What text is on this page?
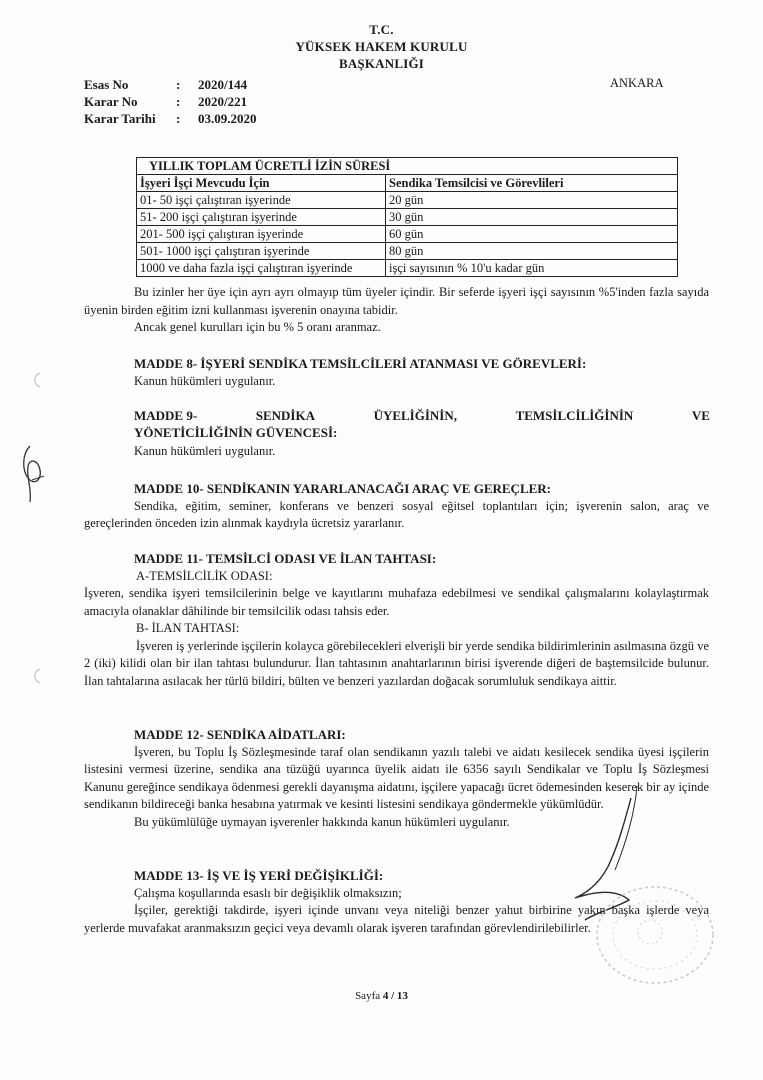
T.C.
YÜKSEK HAKEM KURULU
BAŞKANLIĞI
Esas No	:	2020/144
Karar No	:	2020/221
Karar Tarihi	:	03.09.2020
ANKARA
YILLIK TOPLAM ÜCRETLİ İZİN SÜRESİ	
İşyeri İşçi Mevcudu İçin	Sendika Temsilcisi ve Görevlileri
01- 50 işçi çalıştıran işyerinde	20 gün
51- 200 işçi çalıştıran işyerinde	30 gün
201- 500 işçi çalıştıran işyerinde	60 gün
501- 1000 işçi çalıştıran işyerinde	80 gün
1000 ve daha fazla işçi çalıştıran işyerinde	işçi sayısının % 10'u kadar gün

Bu izinler her üye için ayrı ayrı olmayıp tüm üyeler içindir. Bir seferde işyeri işçi sayısının %5'inden fazla sayıda üyenin birden eğitim izni kullanması işverenin onayına tabidir.

Ancak genel kurulları için bu % 5 oranı aranmaz.

MADDE 8- İŞYERİ SENDİKA TEMSİLCİLERİ ATANMASI VE GÖREVLERİ:

Kanun hükümleri uygulanır.

MADDE 9-	SENDİKA	ÜYELİĞİNİN,	TEMSİLCİLİĞİNİN	VE
YÖNETİCİLİĞİNİN GÜVENCESİ:

Kanun hükümleri uygulanır.

MADDE 10- SENDİKANIN YARARLANACAĞI ARAÇ VE GEREÇLER:

Sendika, eğitim, seminer, konferans ve benzeri sosyal eğitsel toplantıları için; işverenin salon, araç ve gereçlerinden önceden izin alınmak kaydıyla ücretsiz yararlanır.

MADDE 11- TEMSİLCİ ODASI VE İLAN TAHTASI:

A-TEMSİLCİLİK ODASI:

İşveren, sendika işyeri temsilcilerinin belge ve kayıtlarını muhafaza edebilmesi ve sendikal çalışmalarını kolaylaştırmak amacıyla olanaklar dâhilinde bir temsilcilik odası tahsis eder.

B- İLAN TAHTASI:

İşveren iş yerlerinde işçilerin kolayca görebilecekleri elverişli bir yerde sendika bildirimlerinin asılmasına özgü ve 2 (iki) kilidi olan bir ilan tahtası bulundurur. İlan tahtasının anahtarlarının birisi işverende diğeri de baştemsilcide bulunur. İlan tahtalarına asılacak her türlü bildiri, bülten ve benzeri yazılardan doğacak sorumluluk sendikaya aittir.

MADDE 12- SENDİKA AİDATLARI:

İşveren, bu Toplu İş Sözleşmesinde taraf olan sendikanın yazılı talebi ve aidatı kesilecek sendika üyesi işçilerin listesini vermesi üzerine, sendika ana tüzüğü uyarınca üyelik aidatı ile 6356 sayılı Sendikalar ve Toplu İş Sözleşmesi Kanunu gereğince sendikaya ödenmesi gerekli dayanışma aidatını, işçilere yapacağı ücret ödemesinden keserek bir ay içinde sendikanın bildireceği banka hesabına yatırmak ve kesinti listesini sendikaya göndermekle yükümlüdür.

Bu yükümlülüğe uymayan işverenler hakkında kanun hükümleri uygulanır.

MADDE 13- İŞ VE İŞ YERİ DEĞİŞİKLİĞİ:

Çalışma koşullarında esaslı bir değişiklik olmaksızın;

İşçiler, gerektiği takdirde, işyeri içinde unvanı veya niteliği benzer yahut birbirine yakın başka işlerde veya yerlerde muvafakat aranmaksızın geçici veya devamlı olarak işveren tarafından görevlendirilebilirler.

Sayfa 4 / 13
